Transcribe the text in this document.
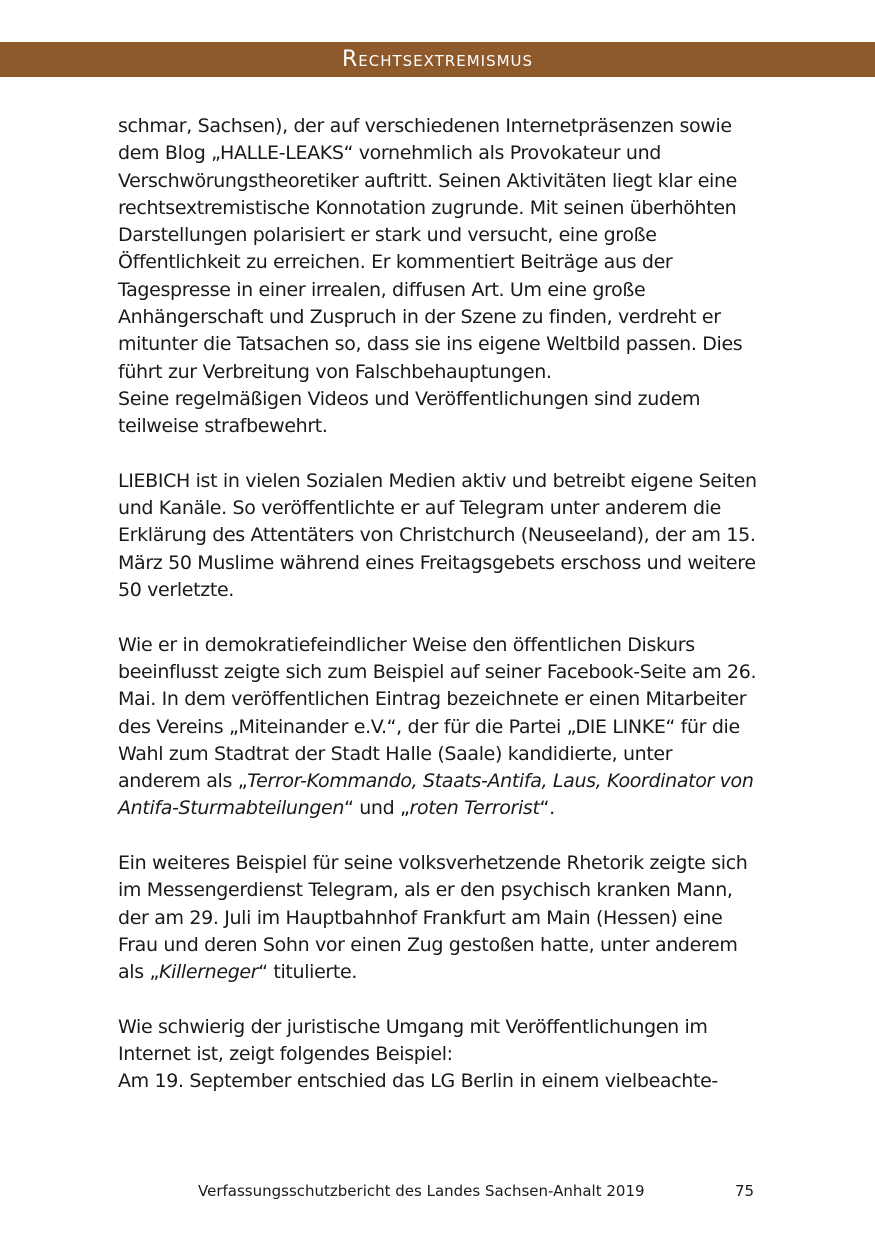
Rechtsextremismus

schmar, Sachsen), der auf verschiedenen Internetpräsenzen sowie dem Blog „HALLE-LEAKS“ vornehmlich als Provokateur und Verschwörungstheoretiker auftritt. Seinen Aktivitäten liegt klar eine rechtsextremistische Konnotation zugrunde. Mit seinen überhöhten Darstellungen polarisiert er stark und versucht, eine große Öffentlichkeit zu erreichen. Er kommentiert Beiträge aus der Tagespresse in einer irrealen, diffusen Art. Um eine große Anhängerschaft und Zuspruch in der Szene zu finden, verdreht er mitunter die Tatsachen so, dass sie ins eigene Weltbild passen. Dies führt zur Verbreitung von Falschbehauptungen.
Seine regelmäßigen Videos und Veröffentlichungen sind zudem teilweise strafbewehrt.

LIEBICH ist in vielen Sozialen Medien aktiv und betreibt eigene Seiten und Kanäle. So veröffentlichte er auf Telegram unter anderem die Erklärung des Attentäters von Christchurch (Neuseeland), der am 15. März 50 Muslime während eines Freitagsgebets erschoss und weitere 50 verletzte.

Wie er in demokratiefeindlicher Weise den öffentlichen Diskurs beeinflusst zeigte sich zum Beispiel auf seiner Facebook-Seite am 26. Mai. In dem veröffentlichen Eintrag bezeichnete er einen Mitarbeiter des Vereins „Miteinander e.V.“, der für die Partei „DIE LINKE“ für die Wahl zum Stadtrat der Stadt Halle (Saale) kandidierte, unter anderem als „Terror-Kommando, Staats-Antifa, Laus, Koordinator von Antifa-Sturmabteilungen“ und „roten Terrorist“.

Ein weiteres Beispiel für seine volksverhetzende Rhetorik zeigte sich im Messengerdienst Telegram, als er den psychisch kranken Mann, der am 29. Juli im Hauptbahnhof Frankfurt am Main (Hessen) eine Frau und deren Sohn vor einen Zug gestoßen hatte, unter anderem als „Killerneger“ titulierte.

Wie schwierig der juristische Umgang mit Veröffentlichungen im Internet ist, zeigt folgendes Beispiel:
Am 19. September entschied das LG Berlin in einem vielbeachte-

Verfassungsschutzbericht des Landes Sachsen-Anhalt 2019	75
